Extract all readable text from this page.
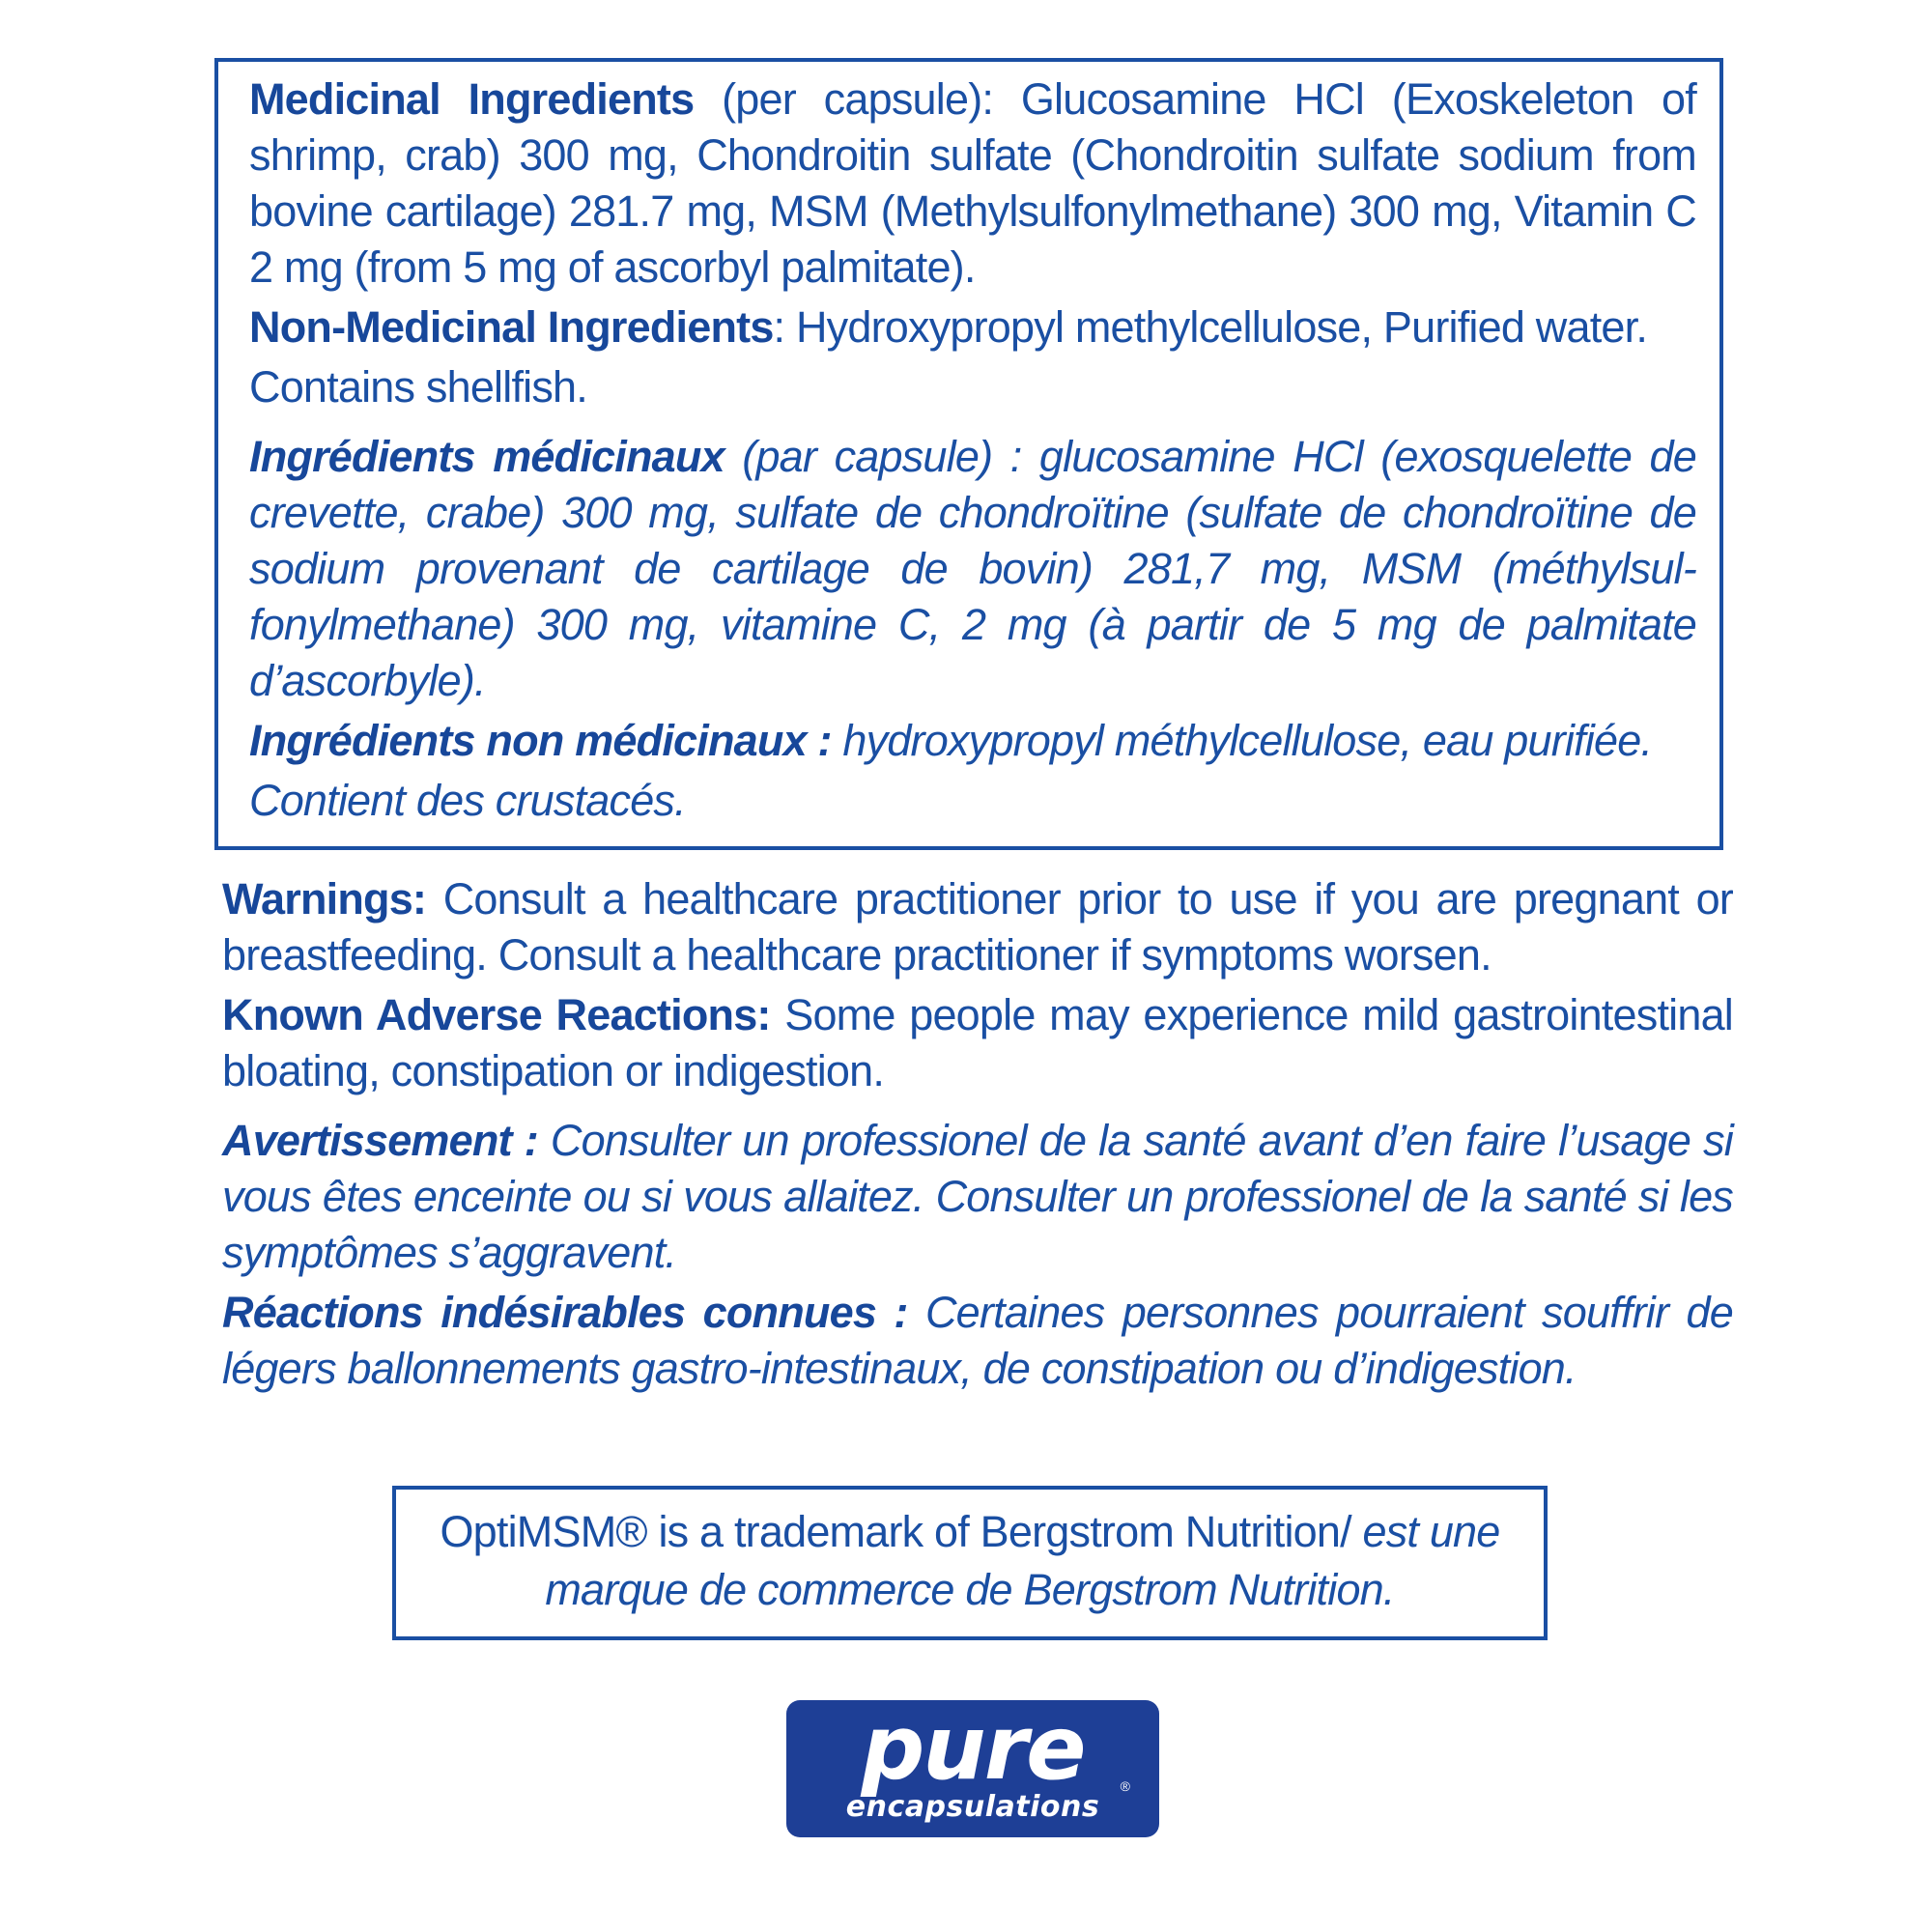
Medicinal Ingredients (per capsule): Glucosamine HCl (Exoskeleton of shrimp, crab) 300 mg, Chondroitin sulfate (Chondroitin sulfate sodium from bovine cartilage) 281.7 mg, MSM (Methylsulfonylmethane) 300 mg, Vitamin C 2 mg (from 5 mg of ascorbyl palmitate).
Non-Medicinal Ingredients: Hydroxypropyl methylcellulose, Purified water.
Contains shellfish.
Ingrédients médicinaux (par capsule) : glucosamine HCl (exosquelette de crevette, crabe) 300 mg, sulfate de chondroïtine (sulfate de chondroïtine de sodium provenant de cartilage de bovin) 281,7 mg, MSM (méthylsul-fonylmethane) 300 mg, vitamine C, 2 mg (à partir de 5 mg de palmitate d’ascorbyle).
Ingrédients non médicinaux : hydroxypropyl méthylcellulose, eau purifiée.
Contient des crustacés.
Warnings: Consult a healthcare practitioner prior to use if you are pregnant or breastfeeding. Consult a healthcare practitioner if symptoms worsen.
Known Adverse Reactions: Some people may experience mild gastrointestinal bloating, constipation or indigestion.
Avertissement : Consulter un professionel de la santé avant d’en faire l’usage si vous êtes enceinte ou si vous allaitez. Consulter un professionel de la santé si les symptômes s’aggravent.
Réactions indésirables connues : Certaines personnes pourraient souffrir de légers ballonnements gastro-intestinaux, de constipation ou d’indigestion.
OptiMSM® is a trademark of Bergstrom Nutrition/ est une
marque de commerce de Bergstrom Nutrition.
pure
encapsulations
®
